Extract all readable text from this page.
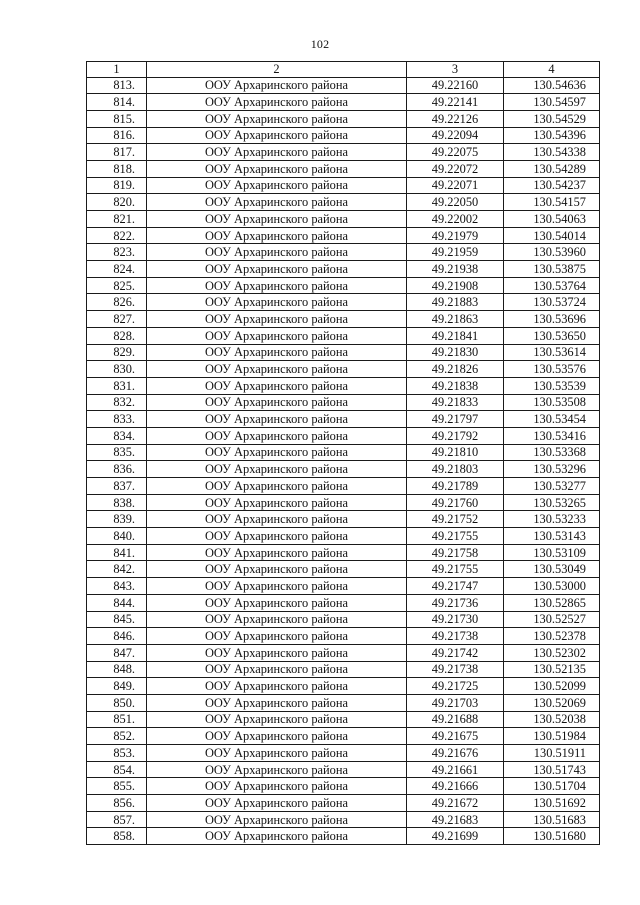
102
1	2	3	4
813.	ООУ Архаринского района	49.22160	130.54636
814.	ООУ Архаринского района	49.22141	130.54597
815.	ООУ Архаринского района	49.22126	130.54529
816.	ООУ Архаринского района	49.22094	130.54396
817.	ООУ Архаринского района	49.22075	130.54338
818.	ООУ Архаринского района	49.22072	130.54289
819.	ООУ Архаринского района	49.22071	130.54237
820.	ООУ Архаринского района	49.22050	130.54157
821.	ООУ Архаринского района	49.22002	130.54063
822.	ООУ Архаринского района	49.21979	130.54014
823.	ООУ Архаринского района	49.21959	130.53960
824.	ООУ Архаринского района	49.21938	130.53875
825.	ООУ Архаринского района	49.21908	130.53764
826.	ООУ Архаринского района	49.21883	130.53724
827.	ООУ Архаринского района	49.21863	130.53696
828.	ООУ Архаринского района	49.21841	130.53650
829.	ООУ Архаринского района	49.21830	130.53614
830.	ООУ Архаринского района	49.21826	130.53576
831.	ООУ Архаринского района	49.21838	130.53539
832.	ООУ Архаринского района	49.21833	130.53508
833.	ООУ Архаринского района	49.21797	130.53454
834.	ООУ Архаринского района	49.21792	130.53416
835.	ООУ Архаринского района	49.21810	130.53368
836.	ООУ Архаринского района	49.21803	130.53296
837.	ООУ Архаринского района	49.21789	130.53277
838.	ООУ Архаринского района	49.21760	130.53265
839.	ООУ Архаринского района	49.21752	130.53233
840.	ООУ Архаринского района	49.21755	130.53143
841.	ООУ Архаринского района	49.21758	130.53109
842.	ООУ Архаринского района	49.21755	130.53049
843.	ООУ Архаринского района	49.21747	130.53000
844.	ООУ Архаринского района	49.21736	130.52865
845.	ООУ Архаринского района	49.21730	130.52527
846.	ООУ Архаринского района	49.21738	130.52378
847.	ООУ Архаринского района	49.21742	130.52302
848.	ООУ Архаринского района	49.21738	130.52135
849.	ООУ Архаринского района	49.21725	130.52099
850.	ООУ Архаринского района	49.21703	130.52069
851.	ООУ Архаринского района	49.21688	130.52038
852.	ООУ Архаринского района	49.21675	130.51984
853.	ООУ Архаринского района	49.21676	130.51911
854.	ООУ Архаринского района	49.21661	130.51743
855.	ООУ Архаринского района	49.21666	130.51704
856.	ООУ Архаринского района	49.21672	130.51692
857.	ООУ Архаринского района	49.21683	130.51683
858.	ООУ Архаринского района	49.21699	130.51680
